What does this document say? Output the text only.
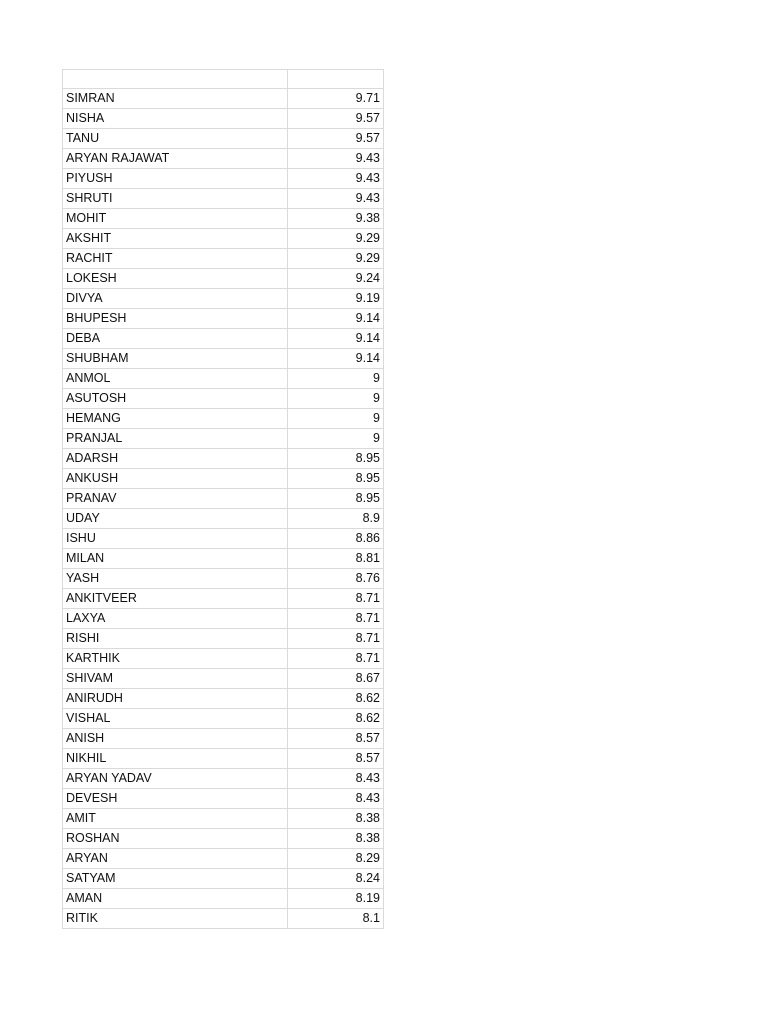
SIMRAN	9.71
NISHA	9.57
TANU	9.57
ARYAN RAJAWAT	9.43
PIYUSH	9.43
SHRUTI	9.43
MOHIT	9.38
AKSHIT	9.29
RACHIT	9.29
LOKESH	9.24
DIVYA	9.19
BHUPESH	9.14
DEBA	9.14
SHUBHAM	9.14
ANMOL	9
ASUTOSH	9
HEMANG	9
PRANJAL	9
ADARSH	8.95
ANKUSH	8.95
PRANAV	8.95
UDAY	8.9
ISHU	8.86
MILAN	8.81
YASH	8.76
ANKITVEER	8.71
LAXYA	8.71
RISHI	8.71
KARTHIK	8.71
SHIVAM	8.67
ANIRUDH	8.62
VISHAL	8.62
ANISH	8.57
NIKHIL	8.57
ARYAN YADAV	8.43
DEVESH	8.43
AMIT	8.38
ROSHAN	8.38
ARYAN	8.29
SATYAM	8.24
AMAN	8.19
RITIK	8.1
